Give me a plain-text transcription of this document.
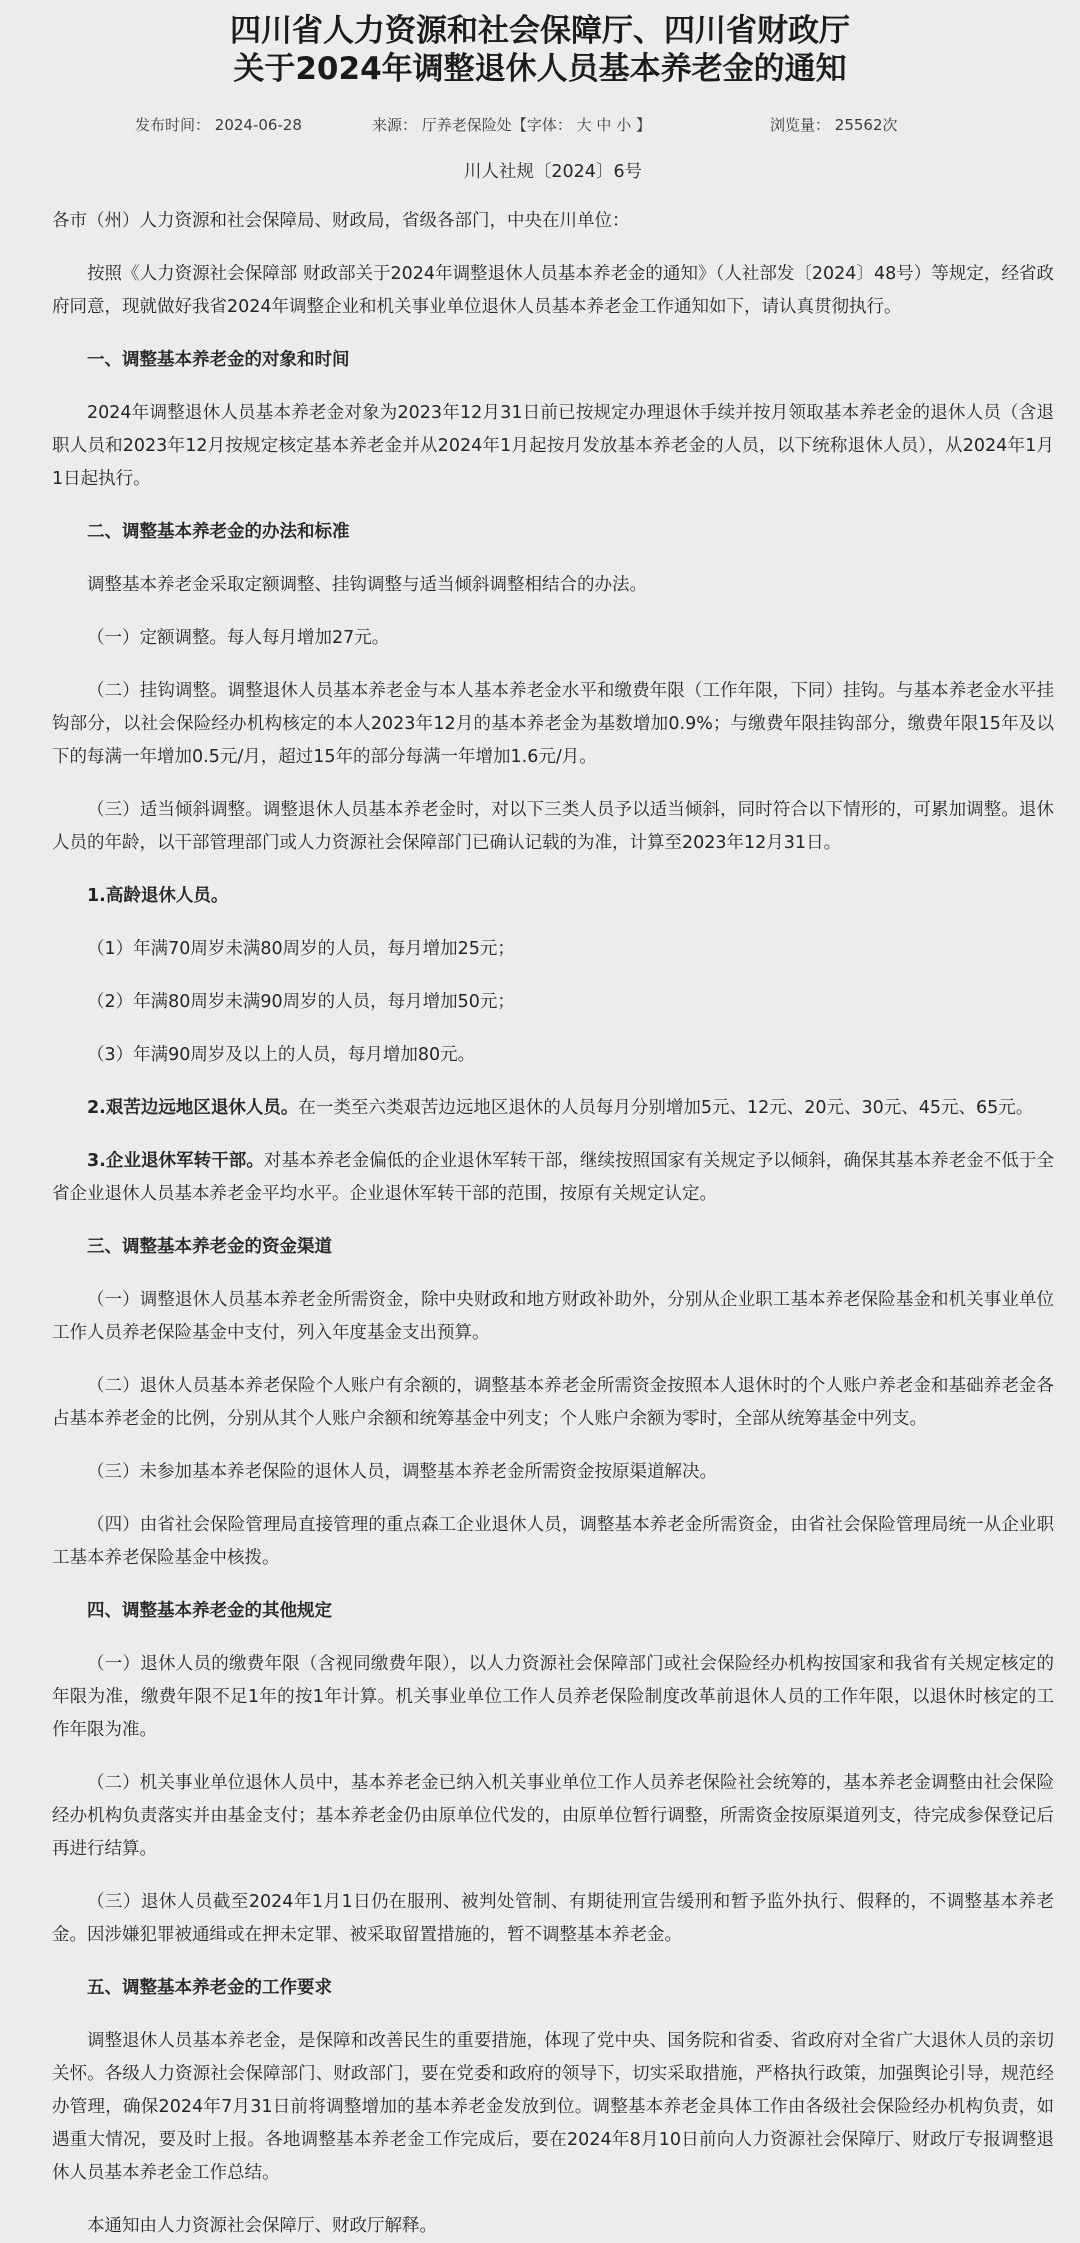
四川省人力资源和社会保障厅、四川省财政厅
关于2024年调整退休人员基本养老金的通知
发布时间： 2024-06-28	来源： 厅养老保险处【字体： 大 中 小 】	浏览量： 25562次
川人社规〔2024〕6号

各市（州）人力资源和社会保障局、财政局，省级各部门，中央在川单位：

按照《人力资源社会保障部 财政部关于2024年调整退休人员基本养老金的通知》（人社部发〔2024〕48号）等规定，经省政府同意，现就做好我省2024年调整企业和机关事业单位退休人员基本养老金工作通知如下，请认真贯彻执行。

一、调整基本养老金的对象和时间

2024年调整退休人员基本养老金对象为2023年12月31日前已按规定办理退休手续并按月领取基本养老金的退休人员（含退职人员和2023年12月按规定核定基本养老金并从2024年1月起按月发放基本养老金的人员，以下统称退休人员），从2024年1月1日起执行。

二、调整基本养老金的办法和标准

调整基本养老金采取定额调整、挂钩调整与适当倾斜调整相结合的办法。

（一）定额调整。每人每月增加27元。

（二）挂钩调整。调整退休人员基本养老金与本人基本养老金水平和缴费年限（工作年限，下同）挂钩。与基本养老金水平挂钩部分，以社会保险经办机构核定的本人2023年12月的基本养老金为基数增加0.9%；与缴费年限挂钩部分，缴费年限15年及以下的每满一年增加0.5元/月，超过15年的部分每满一年增加1.6元/月。

（三）适当倾斜调整。调整退休人员基本养老金时，对以下三类人员予以适当倾斜，同时符合以下情形的，可累加调整。退休人员的年龄，以干部管理部门或人力资源社会保障部门已确认记载的为准，计算至2023年12月31日。

1.高龄退休人员。

（1）年满70周岁未满80周岁的人员，每月增加25元；

（2）年满80周岁未满90周岁的人员，每月增加50元；

（3）年满90周岁及以上的人员，每月增加80元。

2.艰苦边远地区退休人员。在一类至六类艰苦边远地区退休的人员每月分别增加5元、12元、20元、30元、45元、65元。

3.企业退休军转干部。对基本养老金偏低的企业退休军转干部，继续按照国家有关规定予以倾斜，确保其基本养老金不低于全省企业退休人员基本养老金平均水平。企业退休军转干部的范围，按原有关规定认定。

三、调整基本养老金的资金渠道

（一）调整退休人员基本养老金所需资金，除中央财政和地方财政补助外，分别从企业职工基本养老保险基金和机关事业单位工作人员养老保险基金中支付，列入年度基金支出预算。

（二）退休人员基本养老保险个人账户有余额的，调整基本养老金所需资金按照本人退休时的个人账户养老金和基础养老金各占基本养老金的比例，分别从其个人账户余额和统筹基金中列支；个人账户余额为零时，全部从统筹基金中列支。

（三）未参加基本养老保险的退休人员，调整基本养老金所需资金按原渠道解决。

（四）由省社会保险管理局直接管理的重点森工企业退休人员，调整基本养老金所需资金，由省社会保险管理局统一从企业职工基本养老保险基金中核拨。

四、调整基本养老金的其他规定

（一）退休人员的缴费年限（含视同缴费年限），以人力资源社会保障部门或社会保险经办机构按国家和我省有关规定核定的年限为准，缴费年限不足1年的按1年计算。机关事业单位工作人员养老保险制度改革前退休人员的工作年限，以退休时核定的工作年限为准。

（二）机关事业单位退休人员中，基本养老金已纳入机关事业单位工作人员养老保险社会统筹的，基本养老金调整由社会保险经办机构负责落实并由基金支付；基本养老金仍由原单位代发的，由原单位暂行调整，所需资金按原渠道列支，待完成参保登记后再进行结算。

（三）退休人员截至2024年1月1日仍在服刑、被判处管制、有期徒刑宣告缓刑和暂予监外执行、假释的，不调整基本养老金。因涉嫌犯罪被通缉或在押未定罪、被采取留置措施的，暂不调整基本养老金。

五、调整基本养老金的工作要求

调整退休人员基本养老金，是保障和改善民生的重要措施，体现了党中央、国务院和省委、省政府对全省广大退休人员的亲切关怀。各级人力资源社会保障部门、财政部门，要在党委和政府的领导下，切实采取措施，严格执行政策，加强舆论引导，规范经办管理，确保2024年7月31日前将调整增加的基本养老金发放到位。调整基本养老金具体工作由各级社会保险经办机构负责，如遇重大情况，要及时上报。各地调整基本养老金工作完成后，要在2024年8月10日前向人力资源社会保障厅、财政厅专报调整退休人员基本养老金工作总结。

本通知由人力资源社会保障厅、财政厅解释。
